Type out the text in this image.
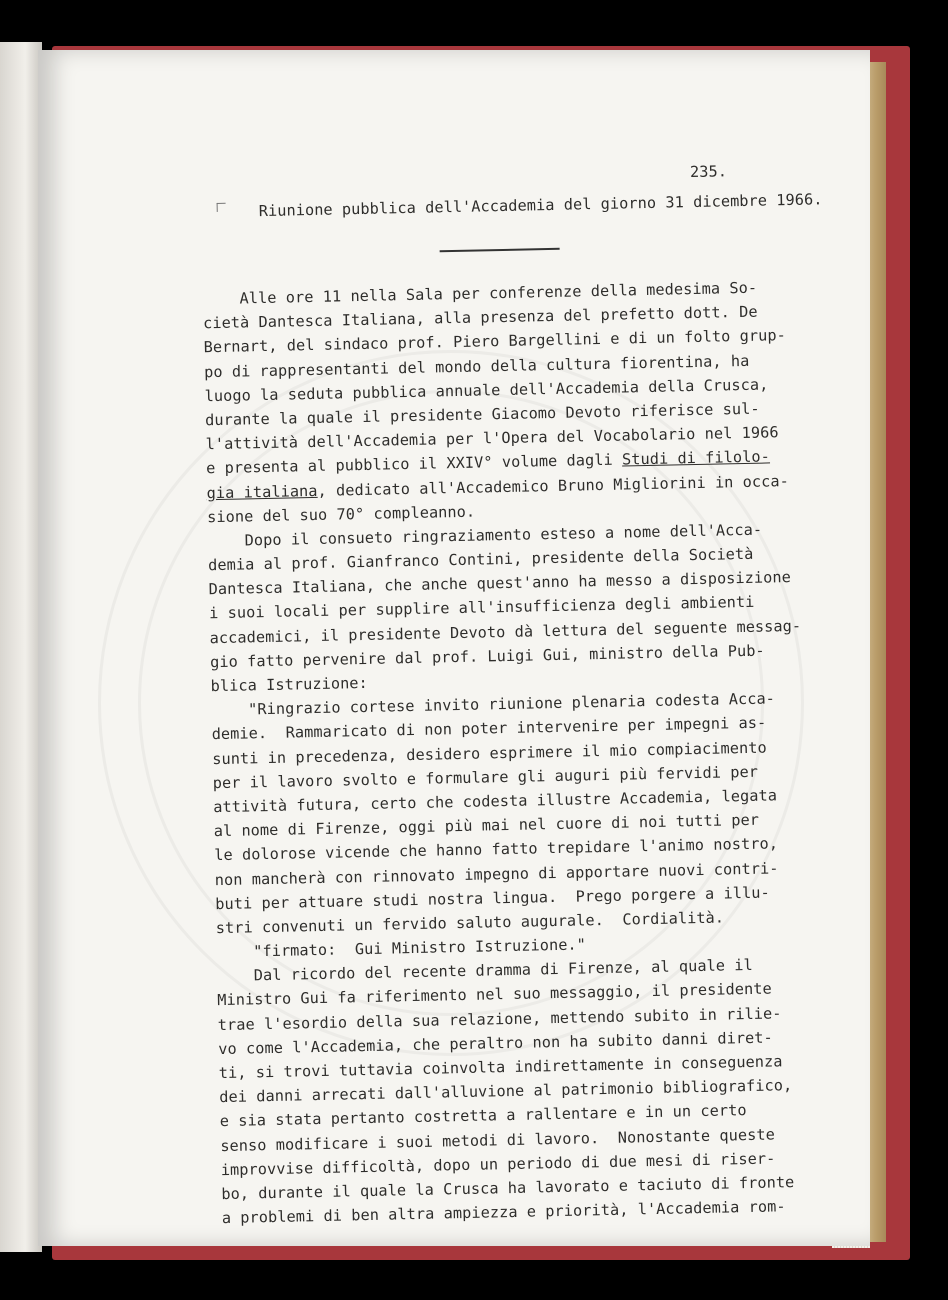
235.
Riunione pubblica dell'Accademia del giorno 31 dicembre 1966.
Alle ore 11 nella Sala per conferenze della medesima So-
cietà Dantesca Italiana, alla presenza del prefetto dott. De
Bernart, del sindaco prof. Piero Bargellini e di un folto grup-
po di rappresentanti del mondo della cultura fiorentina, ha
luogo la seduta pubblica annuale dell'Accademia della Crusca,
durante la quale il presidente Giacomo Devoto riferisce sul-
l'attività dell'Accademia per l'Opera del Vocabolario nel 1966
e presenta al pubblico il XXIV° volume dagli Studi di filolo-
gia italiana, dedicato all'Accademico Bruno Migliorini in occa-
sione del suo 70° compleanno.
Dopo il consueto ringraziamento esteso a nome dell'Acca-
demia al prof. Gianfranco Contini, presidente della Società
Dantesca Italiana, che anche quest'anno ha messo a disposizione
i suoi locali per supplire all'insufficienza degli ambienti
accademici, il presidente Devoto dà lettura del seguente messag-
gio fatto pervenire dal prof. Luigi Gui, ministro della Pub-
blica Istruzione:
"Ringrazio cortese invito riunione plenaria codesta Acca-
demie.  Rammaricato di non poter intervenire per impegni as-
sunti in precedenza, desidero esprimere il mio compiacimento
per il lavoro svolto e formulare gli auguri più fervidi per
attività futura, certo che codesta illustre Accademia, legata
al nome di Firenze, oggi più mai nel cuore di noi tutti per
le dolorose vicende che hanno fatto trepidare l'animo nostro,
non mancherà con rinnovato impegno di apportare nuovi contri-
buti per attuare studi nostra lingua.  Prego porgere a illu-
stri convenuti un fervido saluto augurale.  Cordialità.
"firmato:  Gui Ministro Istruzione."
Dal ricordo del recente dramma di Firenze, al quale il
Ministro Gui fa riferimento nel suo messaggio, il presidente
trae l'esordio della sua relazione, mettendo subito in rilie-
vo come l'Accademia, che peraltro non ha subito danni diret-
ti, si trovi tuttavia coinvolta indirettamente in conseguenza
dei danni arrecati dall'alluvione al patrimonio bibliografico,
e sia stata pertanto costretta a rallentare e in un certo
senso modificare i suoi metodi di lavoro.  Nonostante queste
improvvise difficoltà, dopo un periodo di due mesi di riser-
bo, durante il quale la Crusca ha lavorato e taciuto di fronte
a problemi di ben altra ampiezza e priorità, l'Accademia rom-
